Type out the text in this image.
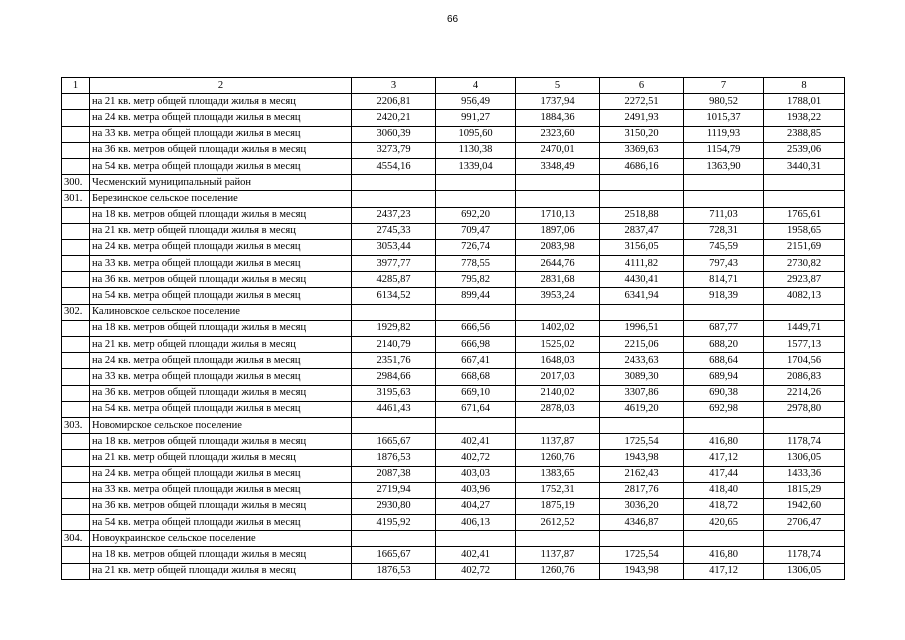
66
1	2	3	4	5	6	7	8
	на 21 кв. метр общей площади жилья в месяц	2206,81	956,49	1737,94	2272,51	980,52	1788,01
	на 24 кв. метра общей площади жилья в месяц	2420,21	991,27	1884,36	2491,93	1015,37	1938,22
	на 33 кв. метра общей площади жилья в месяц	3060,39	1095,60	2323,60	3150,20	1119,93	2388,85
	на 36 кв. метров общей площади жилья в месяц	3273,79	1130,38	2470,01	3369,63	1154,79	2539,06
	на 54 кв. метра общей площади жилья в месяц	4554,16	1339,04	3348,49	4686,16	1363,90	3440,31
300.	Чесменский муниципальный район						
301.	Березинское сельское поселение						
	на 18 кв. метров общей площади жилья в месяц	2437,23	692,20	1710,13	2518,88	711,03	1765,61
	на 21 кв. метр общей площади жилья в месяц	2745,33	709,47	1897,06	2837,47	728,31	1958,65
	на 24 кв. метра общей площади жилья в месяц	3053,44	726,74	2083,98	3156,05	745,59	2151,69
	на 33 кв. метра общей площади жилья в месяц	3977,77	778,55	2644,76	4111,82	797,43	2730,82
	на 36 кв. метров общей площади жилья в месяц	4285,87	795,82	2831,68	4430,41	814,71	2923,87
	на 54 кв. метра общей площади жилья в месяц	6134,52	899,44	3953,24	6341,94	918,39	4082,13
302.	Калиновское сельское поселение						
	на 18 кв. метров общей площади жилья в месяц	1929,82	666,56	1402,02	1996,51	687,77	1449,71
	на 21 кв. метр общей площади жилья в месяц	2140,79	666,98	1525,02	2215,06	688,20	1577,13
	на 24 кв. метра общей площади жилья в месяц	2351,76	667,41	1648,03	2433,63	688,64	1704,56
	на 33 кв. метра общей площади жилья в месяц	2984,66	668,68	2017,03	3089,30	689,94	2086,83
	на 36 кв. метров общей площади жилья в месяц	3195,63	669,10	2140,02	3307,86	690,38	2214,26
	на 54 кв. метра общей площади жилья в месяц	4461,43	671,64	2878,03	4619,20	692,98	2978,80
303.	Новомирское сельское поселение						
	на 18 кв. метров общей площади жилья в месяц	1665,67	402,41	1137,87	1725,54	416,80	1178,74
	на 21 кв. метр общей площади жилья в месяц	1876,53	402,72	1260,76	1943,98	417,12	1306,05
	на 24 кв. метра общей площади жилья в месяц	2087,38	403,03	1383,65	2162,43	417,44	1433,36
	на 33 кв. метра общей площади жилья в месяц	2719,94	403,96	1752,31	2817,76	418,40	1815,29
	на 36 кв. метров общей площади жилья в месяц	2930,80	404,27	1875,19	3036,20	418,72	1942,60
	на 54 кв. метра общей площади жилья в месяц	4195,92	406,13	2612,52	4346,87	420,65	2706,47
304.	Новоукраинское сельское поселение						
	на 18 кв. метров общей площади жилья в месяц	1665,67	402,41	1137,87	1725,54	416,80	1178,74
	на 21 кв. метр общей площади жилья в месяц	1876,53	402,72	1260,76	1943,98	417,12	1306,05
